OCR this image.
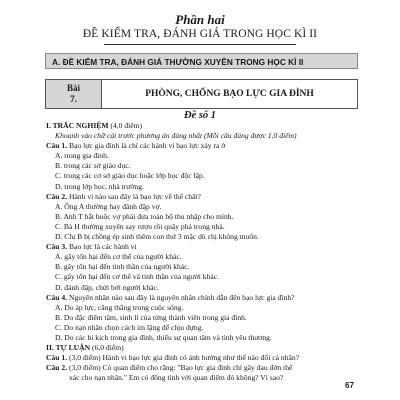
Phần hai
ĐỀ KIỂM TRA, ĐÁNH GIÁ TRONG HỌC KÌ II
A. ĐỀ KIỂM TRA, ĐÁNH GIÁ THƯỜNG XUYÊN TRONG HỌC KÌ II
Bài
7.	PHÒNG, CHỐNG BẠO LỰC GIA ĐÌNH
Đề số 1
I. TRẮC NGHIỆM (4,0 điểm)
Khoanh vào chữ cái trước phương án đúng nhất (Mỗi câu đúng được 1,0 điểm)
Câu 1. Bạo lực gia đình là chỉ các hành vi bạo lực xảy ra ở
A. trong gia đình.
B. trong các sở giáo dục.
C. trong các cơ sở giáo dục hoặc lớp học độc lập.
D. trong lớp học, nhà trường.
Câu 2. Hành vi nào sau đây là bạo lực về thể chất?
A. Ông A thường hay đánh đập vợ.
B. Anh T bắt buộc vợ phải đưa toàn bộ thu nhập cho mình.
C. Bà H thường xuyên say rượu rồi quậy phá trong nhà.
D. Chị B bị chồng ép sinh thêm con thứ 3 mặc dù chị không muốn.
Câu 3. Bạo lực là các hành vi
A. gây tổn hại đến cơ thể của người khác.
B. gây tổn hại đến tinh thần của người khác.
C. gây tổn hại đến cơ thể và tinh thần của người khác.
D. đánh đập, chửi bới người khác.
Câu 4. Nguyên nhân nào sau đây là nguyên nhân chính dẫn đến bạo lực gia đình?
A. Do áp lực, căng thẳng trong cuộc sống.
B. Do đặc điểm tâm, sinh lí của từng thành viên trong gia đình.
C. Do nạn nhân chọn cách im lặng để chịu đựng.
D. Do các bi kịch trong gia đình, thiếu sự quan tâm và tình yêu thương.
II. TỰ LUẬN (6,0 điểm)
Câu 1. (3,0 điểm) Hành vi bạo lực gia đình có ảnh hưởng như thế nào đối cá nhân?
Câu 2. (3,0 điểm) Có quan điểm cho rằng: "Bạo lực gia đình chỉ gây đau đớn thể
xác cho nạn nhân." Em có đồng tình với quan điểm đó không? Vì sao?
67
